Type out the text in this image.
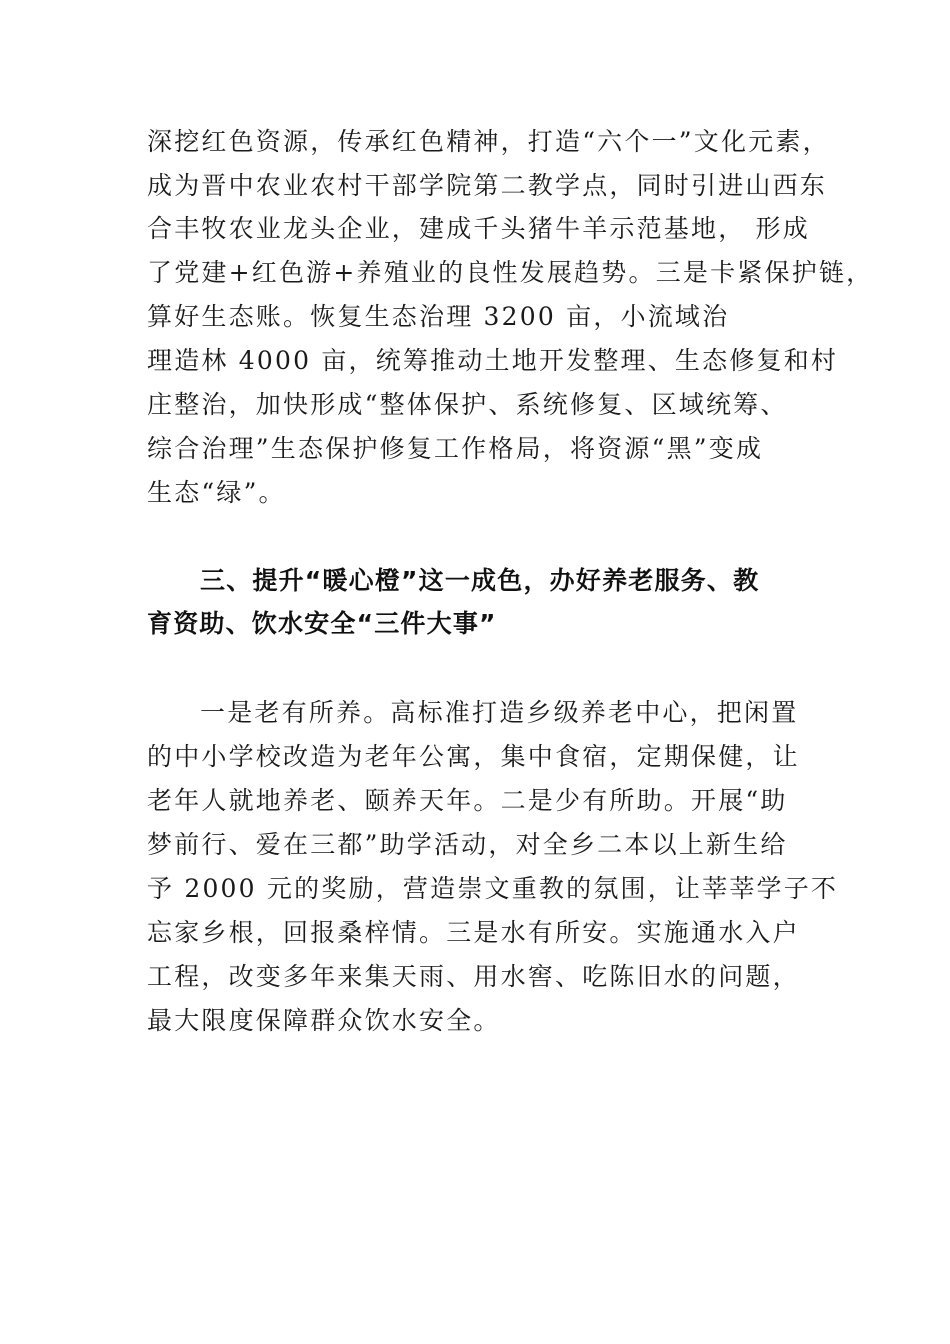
深挖红色资源，传承红色精神，打造“六个一”文化元素，
成为晋中农业农村干部学院第二教学点，同时引进山西东
合丰牧农业龙头企业，建成千头猪牛羊示范基地， 形成
了党建+红色游+养殖业的良性发展趋势。三是卡紧保护链，
算好生态账。恢复生态治理 3200 亩，小流域治
理造林 4000 亩，统筹推动土地开发整理、生态修复和村
庄整治，加快形成“整体保护、系统修复、区域统筹、
综合治理”生态保护修复工作格局，将资源“黑”变成
生态“绿”。
三、提升“暖心橙”这一成色，办好养老服务、教
育资助、饮水安全“三件大事”
一是老有所养。高标准打造乡级养老中心，把闲置
的中小学校改造为老年公寓，集中食宿，定期保健，让
老年人就地养老、颐养天年。二是少有所助。开展“助
梦前行、爱在三都”助学活动，对全乡二本以上新生给
予 2000 元的奖励，营造崇文重教的氛围，让莘莘学子不
忘家乡根，回报桑梓情。三是水有所安。实施通水入户
工程，改变多年来集天雨、用水窖、吃陈旧水的问题，
最大限度保障群众饮水安全。
